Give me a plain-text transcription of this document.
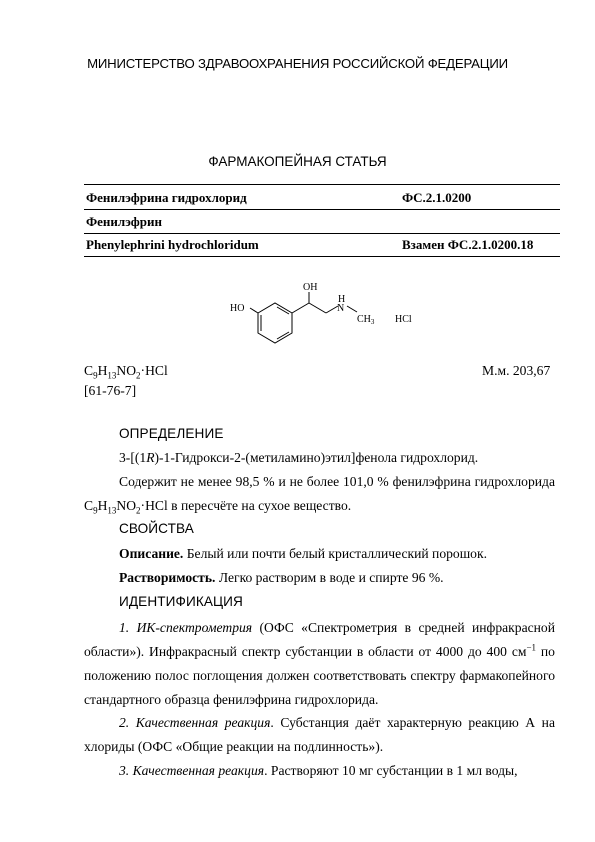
МИНИСТЕРСТВО ЗДРАВООХРАНЕНИЯ РОССИЙСКОЙ ФЕДЕРАЦИИ
ФАРМАКОПЕЙНАЯ СТАТЬЯ
Фенилэфрина гидрохлорид	ФС.2.1.0200
Фенилэфрин
Phenylephrini hydrochloridum	Взамен ФС.2.1.0200.18
HO
OH
H
N
$CH_3$ HCl
$C_9H_{13}NO_2\cdot HCl$	М.м. 203,67
[61-76-7]
ОПРЕДЕЛЕНИЕ
3-[(1R)-1-Гидрокси-2-(метиламино)этил]фенола гидрохлорид.
Содержит не менее 98,5 % и не более 101,0 % фенилэфрина гидрохлорида $C_9H_{13}NO_2\cdot HCl$ в пересчёте на сухое вещество.
СВОЙСТВА
Описание. Белый или почти белый кристаллический порошок.
Растворимость. Легко растворим в воде и спирте 96 %.
ИДЕНТИФИКАЦИЯ
1. ИК-спектрометрия (ОФС «Спектрометрия в средней инфракрасной области»). Инфракрасный спектр субстанции в области от 4000 до 400 $см^{-1}$ по положению полос поглощения должен соответствовать спектру фармакопейного стандартного образца фенилэфрина гидрохлорида.
2. Качественная реакция. Субстанция даёт характерную реакцию А на хлориды (ОФС «Общие реакции на подлинность»).
3. Качественная реакция. Растворяют 10 мг субстанции в 1 мл воды,
